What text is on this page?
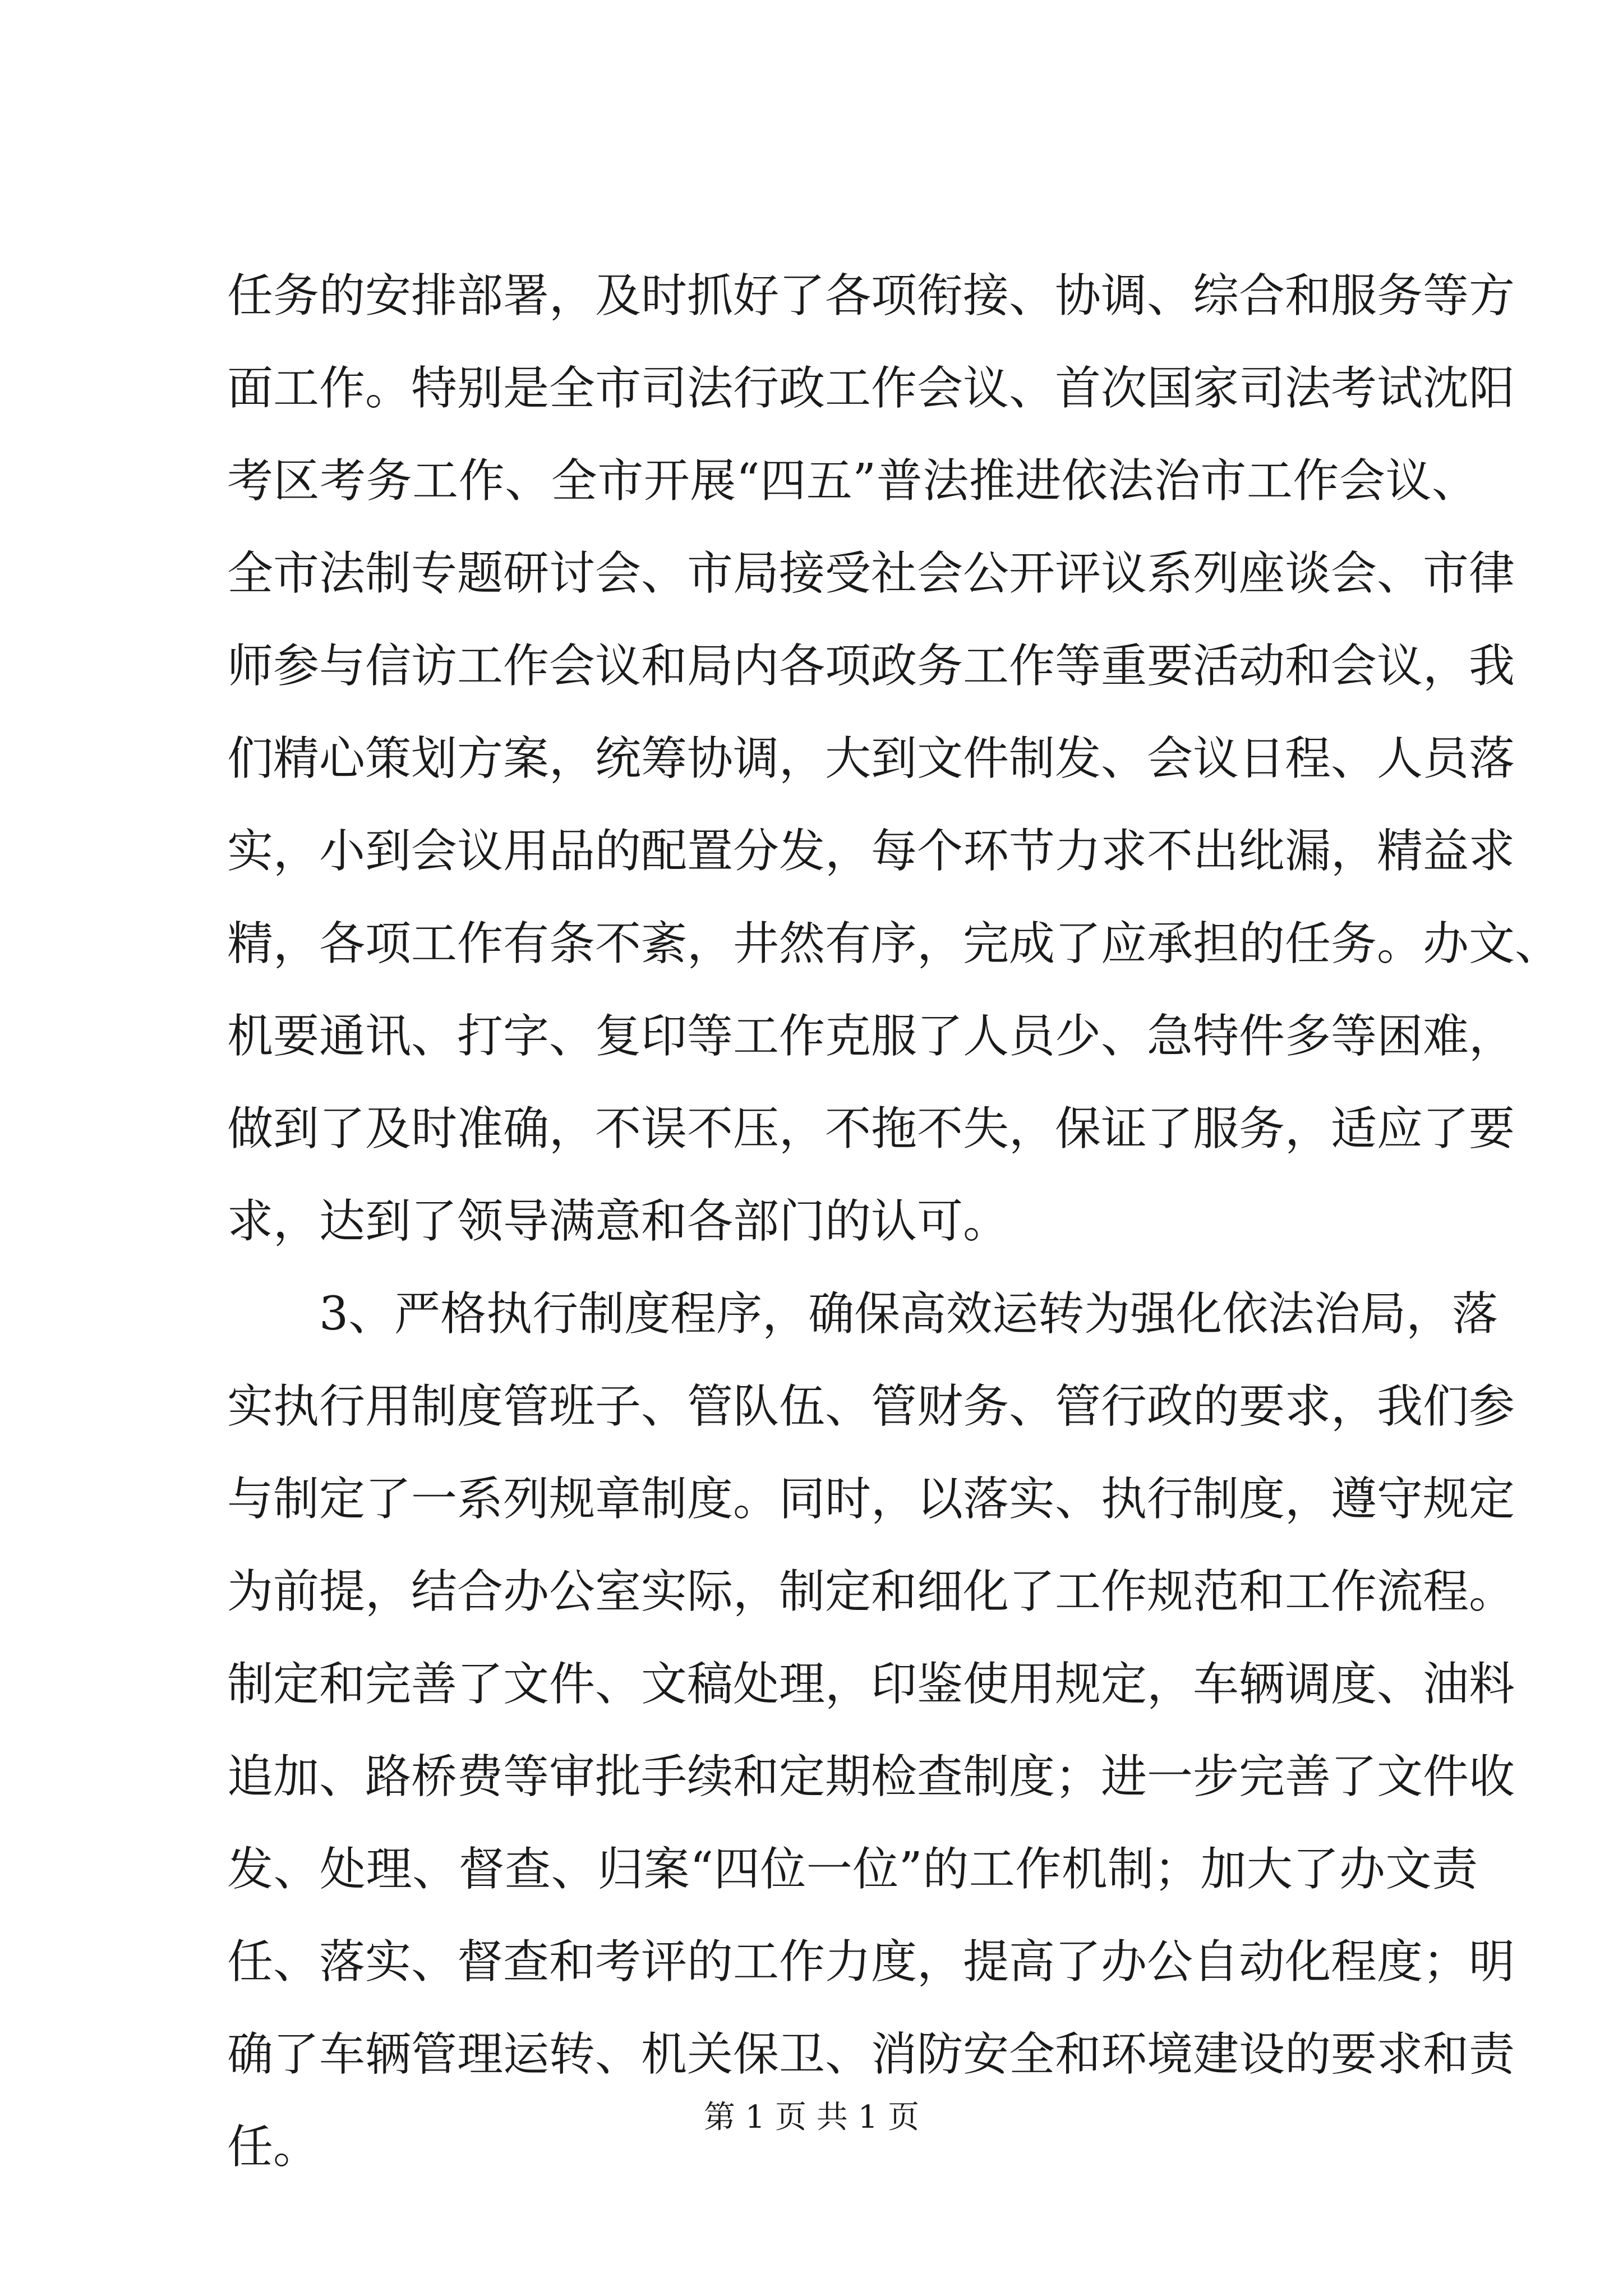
任务的安排部署，及时抓好了各项衔接、协调、综合和服务等方
面工作。特别是全市司法行政工作会议、首次国家司法考试沈阳
考区考务工作、全市开展“四五”普法推进依法治市工作会议、
全市法制专题研讨会、市局接受社会公开评议系列座谈会、市律
师参与信访工作会议和局内各项政务工作等重要活动和会议，我
们精心策划方案，统筹协调，大到文件制发、会议日程、人员落
实，小到会议用品的配置分发，每个环节力求不出纰漏，精益求
精，各项工作有条不紊，井然有序，完成了应承担的任务。办文、
机要通讯、打字、复印等工作克服了人员少、急特件多等困难，
做到了及时准确，不误不压，不拖不失，保证了服务，适应了要
求，达到了领导满意和各部门的认可。
3、严格执行制度程序，确保高效运转为强化依法治局，落
实执行用制度管班子、管队伍、管财务、管行政的要求，我们参
与制定了一系列规章制度。同时，以落实、执行制度，遵守规定
为前提，结合办公室实际，制定和细化了工作规范和工作流程。
制定和完善了文件、文稿处理，印鉴使用规定，车辆调度、油料
追加、路桥费等审批手续和定期检查制度；进一步完善了文件收
发、处理、督查、归案“四位一位”的工作机制；加大了办文责
任、落实、督查和考评的工作力度，提高了办公自动化程度；明
确了车辆管理运转、机关保卫、消防安全和环境建设的要求和责
任。
第 1 页 共 1 页
